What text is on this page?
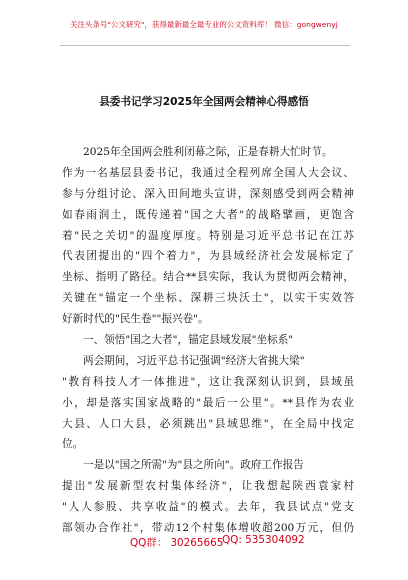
关注头条号"公文研究"，获得最新最全最专业的公文资料库！ 微信：gongwenyj
县委书记学习2025年全国两会精神心得感悟
2025年全国两会胜利闭幕之际，正是春耕大忙时节。
作为一名基层县委书记，我通过全程列席全国人大会议、
参与分组讨论、深入田间地头宣讲，深刻感受到两会精神
如春雨润土，既传递着"国之大者"的战略擘画，更饱含
着"民之关切"的温度厚度。特别是习近平总书记在江苏
代表团提出的"四个着力"，为县域经济社会发展标定了
坐标、指明了路径。结合**县实际，我认为贯彻两会精神，
关键在"锚定一个坐标、深耕三块沃土"，以实干实效答
好新时代的"民生卷""振兴卷"。
一、领悟"国之大者"，锚定县域发展"坐标系"
两会期间，习近平总书记强调"经济大省挑大梁"
"教育科技人才一体推进"，这让我深刻认识到，县域虽
小，却是落实国家战略的"最后一公里"。**县作为农业
大县、人口大县，必须跳出"县域思维"，在全局中找定
位。
一是以"国之所需"为"县之所向"。政府工作报告
提出"发展新型农村集体经济"，让我想起陕西袁家村
"人人参股、共享收益"的模式。去年，我县试点"党支
部领办合作社"，带动12个村集体增收超200万元，但仍
QQ群： 30265665
QQ: 535304092
